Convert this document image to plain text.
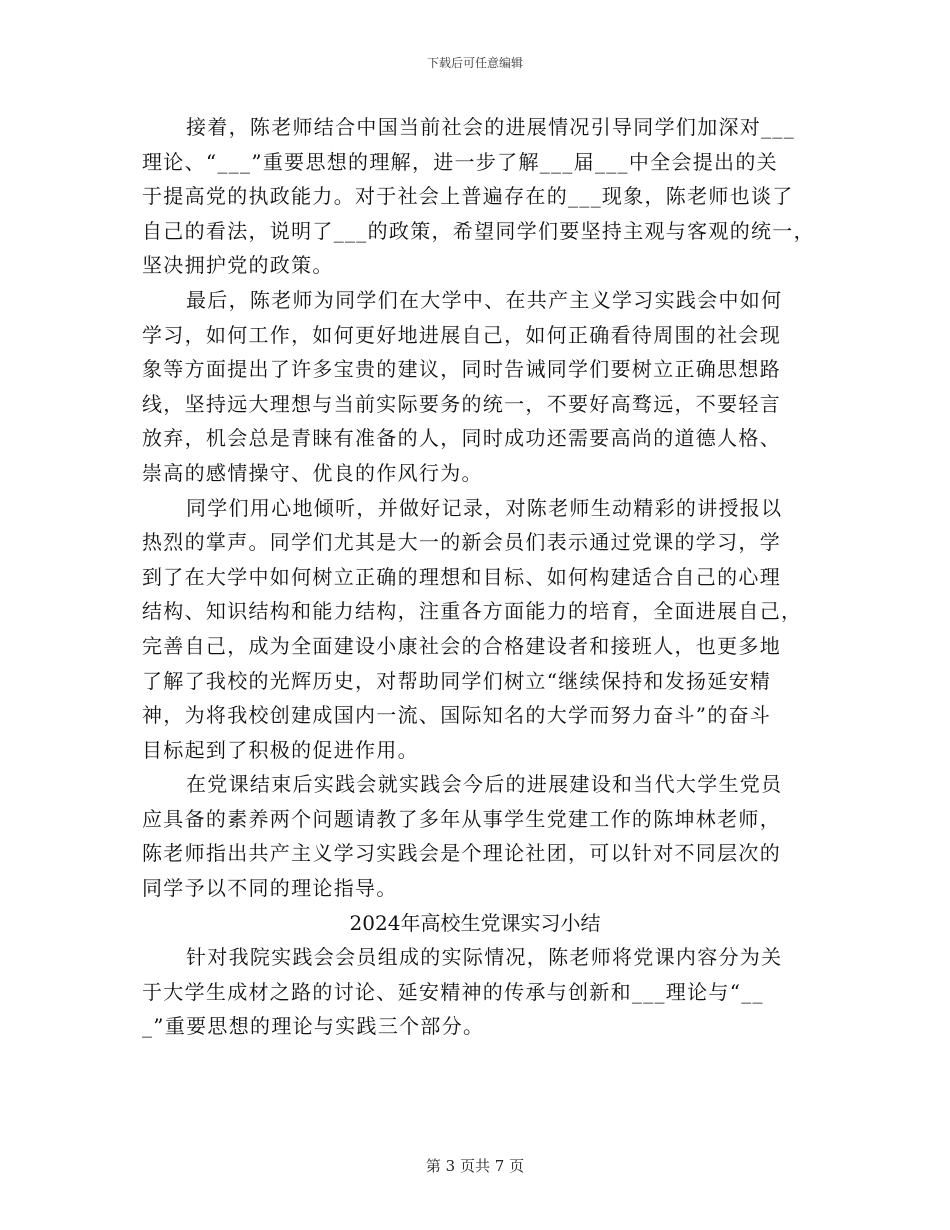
下载后可任意编辑
接着，陈老师结合中国当前社会的进展情况引导同学们加深对___
理论、“___”重要思想的理解，进一步了解___届___中全会提出的关
于提高党的执政能力。对于社会上普遍存在的___现象，陈老师也谈了
自己的看法，说明了___的政策，希望同学们要坚持主观与客观的统一，
坚决拥护党的政策。
最后，陈老师为同学们在大学中、在共产主义学习实践会中如何
学习，如何工作，如何更好地进展自己，如何正确看待周围的社会现
象等方面提出了许多宝贵的建议，同时告诫同学们要树立正确思想路
线，坚持远大理想与当前实际要务的统一，不要好高骛远，不要轻言
放弃，机会总是青睐有准备的人，同时成功还需要高尚的道德人格、
崇高的感情操守、优良的作风行为。
同学们用心地倾听，并做好记录，对陈老师生动精彩的讲授报以
热烈的掌声。同学们尤其是大一的新会员们表示通过党课的学习，学
到了在大学中如何树立正确的理想和目标、如何构建适合自己的心理
结构、知识结构和能力结构，注重各方面能力的培育，全面进展自己，
完善自己，成为全面建设小康社会的合格建设者和接班人，也更多地
了解了我校的光辉历史，对帮助同学们树立“继续保持和发扬延安精
神，为将我校创建成国内一流、国际知名的大学而努力奋斗”的奋斗
目标起到了积极的促进作用。
在党课结束后实践会就实践会今后的进展建设和当代大学生党员
应具备的素养两个问题请教了多年从事学生党建工作的陈坤林老师，
陈老师指出共产主义学习实践会是个理论社团，可以针对不同层次的
同学予以不同的理论指导。
2024年高校生党课实习小结
针对我院实践会会员组成的实际情况，陈老师将党课内容分为关
于大学生成材之路的讨论、延安精神的传承与创新和___理论与“__
_”重要思想的理论与实践三个部分。
第 3 页共 7 页
